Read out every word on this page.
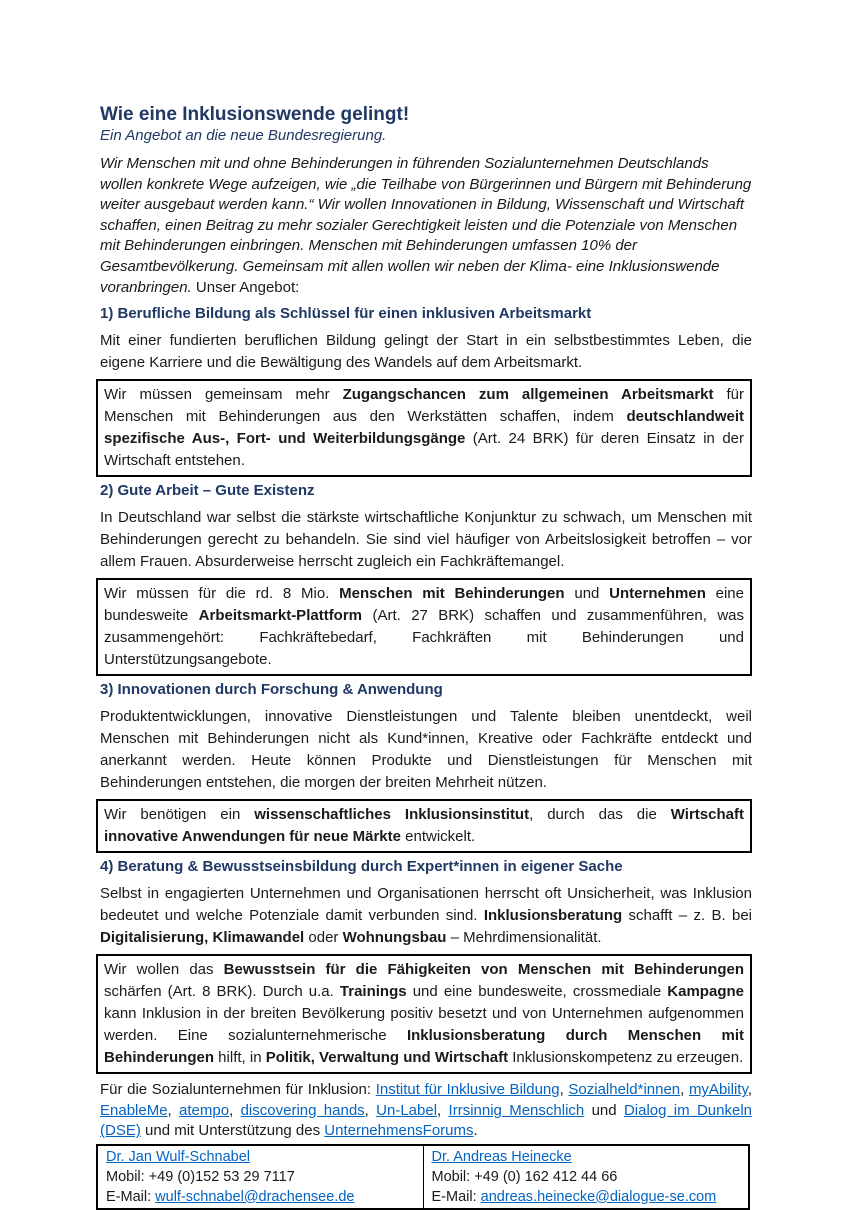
Wie eine Inklusionswende gelingt!

Ein Angebot an die neue Bundesregierung.

Wir Menschen mit und ohne Behinderungen in führenden Sozialunternehmen Deutschlands wollen konkrete Wege aufzeigen, wie „die Teilhabe von Bürgerinnen und Bürgern mit Behinderung weiter ausgebaut werden kann.“ Wir wollen Innovationen in Bildung, Wissenschaft und Wirtschaft schaffen, einen Beitrag zu mehr sozialer Gerechtigkeit leisten und die Potenziale von Menschen mit Behinderungen einbringen. Menschen mit Behinderungen umfassen 10% der Gesamtbevölkerung. Gemeinsam mit allen wollen wir neben der Klima- eine Inklusionswende voranbringen. Unser Angebot:

1) Berufliche Bildung als Schlüssel für einen inklusiven Arbeitsmarkt

Mit einer fundierten beruflichen Bildung gelingt der Start in ein selbstbestimmtes Leben, die eigene Karriere und die Bewältigung des Wandels auf dem Arbeitsmarkt.

Wir müssen gemeinsam mehr Zugangschancen zum allgemeinen Arbeitsmarkt für Menschen mit Behinderungen aus den Werkstätten schaffen, indem deutschlandweit spezifische Aus-, Fort- und Weiterbildungsgänge (Art. 24 BRK) für deren Einsatz in der Wirtschaft entstehen.
2) Gute Arbeit – Gute Existenz

In Deutschland war selbst die stärkste wirtschaftliche Konjunktur zu schwach, um Menschen mit Behinderungen gerecht zu behandeln. Sie sind viel häufiger von Arbeitslosigkeit betroffen – vor allem Frauen. Absurderweise herrscht zugleich ein Fachkräftemangel.

Wir müssen für die rd. 8 Mio. Menschen mit Behinderungen und Unternehmen eine bundesweite Arbeitsmarkt-Plattform (Art. 27 BRK) schaffen und zusammenführen, was zusammengehört: Fachkräftebedarf, Fachkräften mit Behinderungen und Unterstützungsangebote.
3) Innovationen durch Forschung & Anwendung

Produktentwicklungen, innovative Dienstleistungen und Talente bleiben unentdeckt, weil Menschen mit Behinderungen nicht als Kund*innen, Kreative oder Fachkräfte entdeckt und anerkannt werden. Heute können Produkte und Dienstleistungen für Menschen mit Behinderungen entstehen, die morgen der breiten Mehrheit nützen.

Wir benötigen ein wissenschaftliches Inklusionsinstitut, durch das die Wirtschaft innovative Anwendungen für neue Märkte entwickelt.
4) Beratung & Bewusstseinsbildung durch Expert*innen in eigener Sache

Selbst in engagierten Unternehmen und Organisationen herrscht oft Unsicherheit, was Inklusion bedeutet und welche Potenziale damit verbunden sind. Inklusionsberatung schafft – z. B. bei Digitalisierung, Klimawandel oder Wohnungsbau – Mehrdimensionalität.

Wir wollen das Bewusstsein für die Fähigkeiten von Menschen mit Behinderungen schärfen (Art. 8 BRK). Durch u.a. Trainings und eine bundesweite, crossmediale Kampagne kann Inklusion in der breiten Bevölkerung positiv besetzt und von Unternehmen aufgenommen werden. Eine sozialunternehmerische Inklusionsberatung durch Menschen mit Behinderungen hilft, in Politik, Verwaltung und Wirtschaft Inklusionskompetenz zu erzeugen.

Für die Sozialunternehmen für Inklusion: Institut für Inklusive Bildung, Sozialheld*innen, myAbility, EnableMe, atempo, discovering hands, Un-Label, Irrsinnig Menschlich und Dialog im Dunkeln (DSE) und mit Unterstützung des UnternehmensForums.

Dr. Jan Wulf-Schnabel
Mobil: +49 (0)152 53 29 7117
E-Mail: wulf-schnabel@drachensee.de
Dr. Andreas Heinecke
Mobil: +49 (0) 162 412 44 66
E-Mail: andreas.heinecke@dialogue-se.com
